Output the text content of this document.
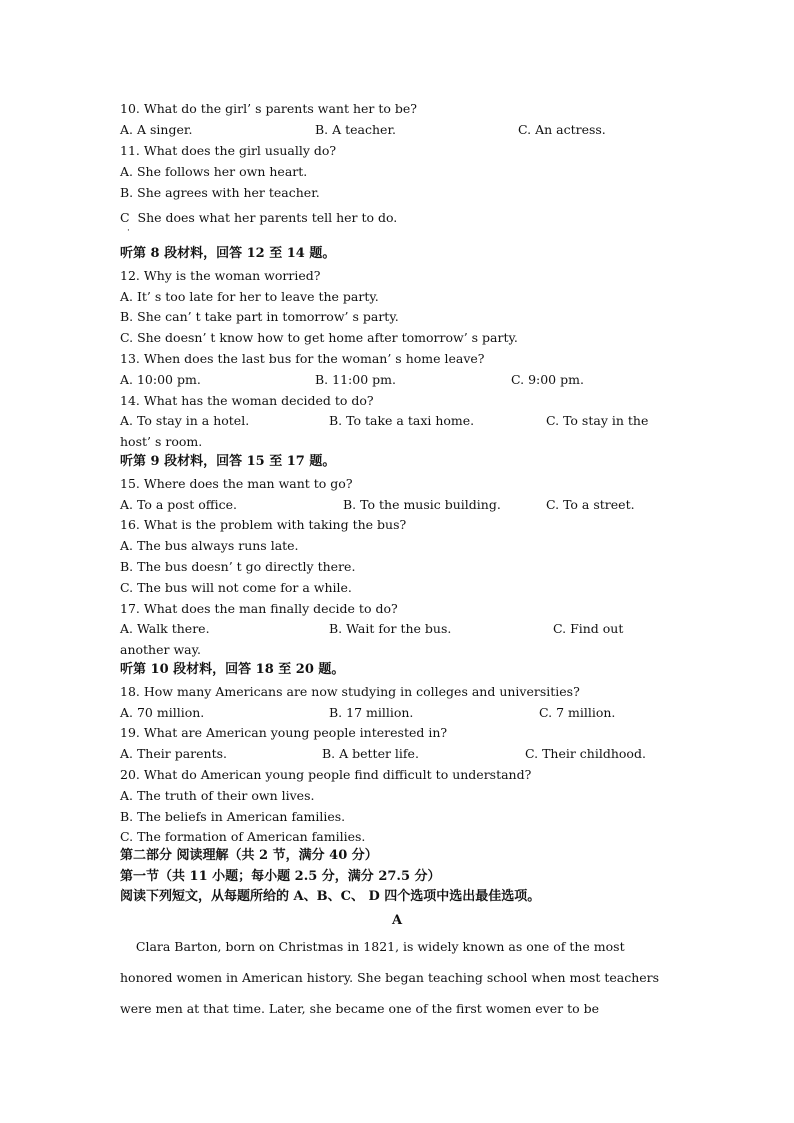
10. What do the girl’ s parents want her to be?
A. A singer.	B. A teacher.	C. An actress.
11. What does the girl usually do?
A. She follows her own heart.
B. She agrees with her teacher.
C  She does what her parents tell her to do.
·
听第 8 段材料，回答 12 至 14 题。
12. Why is the woman worried?
A. It’ s too late for her to leave the party.
B. She can’ t take part in tomorrow’ s party.
C. She doesn’ t know how to get home after tomorrow’ s party.
13. When does the last bus for the woman’ s home leave?
A. 10:00 pm.	B. 11:00 pm.	C. 9:00 pm.
14. What has the woman decided to do?
A. To stay in a hotel.	B. To take a taxi home.	C. To stay in the
host’ s room.
听第 9 段材料，回答 15 至 17 题。
15. Where does the man want to go?
A. To a post office.	B. To the music building.	C. To a street.
16. What is the problem with taking the bus?
A. The bus always runs late.
B. The bus doesn’ t go directly there.
C. The bus will not come for a while.
17. What does the man finally decide to do?
A. Walk there.	B. Wait for the bus.	C. Find out
another way.
听第 10 段材料，回答 18 至 20 题。
18. How many Americans are now studying in colleges and universities?
A. 70 million.	B. 17 million.	C. 7 million.
19. What are American young people interested in?
A. Their parents.	B. A better life.	C. Their childhood.
20. What do American young people find difficult to understand?
A. The truth of their own lives.
B. The beliefs in American families.
C. The formation of American families.
第二部分 阅读理解（共 2 节，满分 40 分）
第一节（共 11 小题；每小题 2.5 分，满分 27.5 分）
阅读下列短文，从每题所给的 A、B、C、 D 四个选项中选出最佳选项。
A
Clara Barton, born on Christmas in 1821, is widely known as one of the most
honored women in American history. She began teaching school when most teachers
were men at that time. Later, she became one of the first women ever to be
